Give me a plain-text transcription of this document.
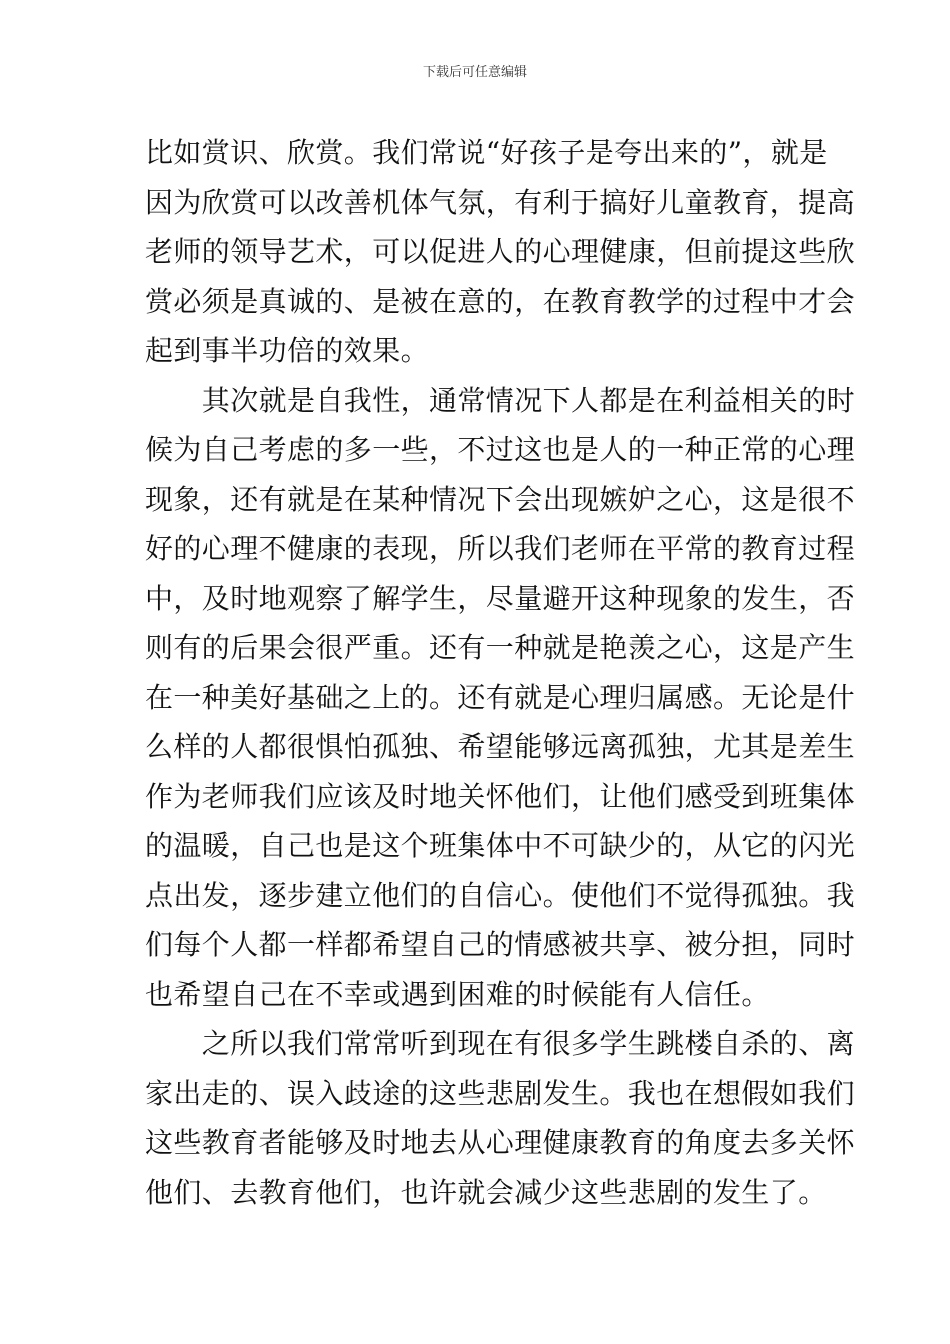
下载后可任意编辑
比如赏识、欣赏。我们常说“好孩子是夸出来的”，就是
因为欣赏可以改善机体气氛，有利于搞好儿童教育，提高
老师的领导艺术，可以促进人的心理健康，但前提这些欣
赏必须是真诚的、是被在意的，在教育教学的过程中才会
起到事半功倍的效果。
　　其次就是自我性，通常情况下人都是在利益相关的时
候为自己考虑的多一些，不过这也是人的一种正常的心理
现象，还有就是在某种情况下会出现嫉妒之心，这是很不
好的心理不健康的表现，所以我们老师在平常的教育过程
中，及时地观察了解学生，尽量避开这种现象的发生，否
则有的后果会很严重。还有一种就是艳羡之心，这是产生
在一种美好基础之上的。还有就是心理归属感。无论是什
么样的人都很惧怕孤独、希望能够远离孤独，尤其是差生
作为老师我们应该及时地关怀他们，让他们感受到班集体
的温暖，自己也是这个班集体中不可缺少的，从它的闪光
点出发，逐步建立他们的自信心。使他们不觉得孤独。我
们每个人都一样都希望自己的情感被共享、被分担，同时
也希望自己在不幸或遇到困难的时候能有人信任。
　　之所以我们常常听到现在有很多学生跳楼自杀的、离
家出走的、误入歧途的这些悲剧发生。我也在想假如我们
这些教育者能够及时地去从心理健康教育的角度去多关怀
他们、去教育他们，也许就会减少这些悲剧的发生了。
